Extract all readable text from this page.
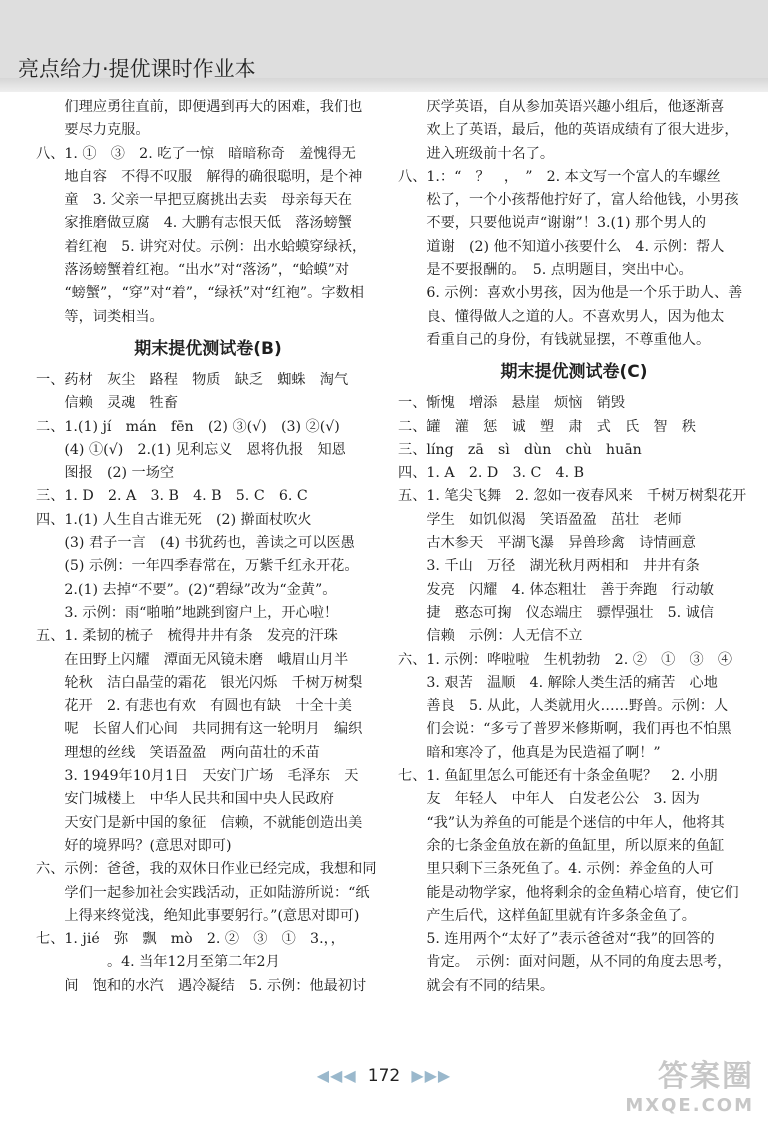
亮点给力·提优课时作业本
　　们理应勇往直前，即便遇到再大的困难，我们也
　　要尽力克服。
八、1. ①　③　2. 吃了一惊　暗暗称奇　羞愧得无
　　地自容　不得不叹服　解得的确很聪明，是个神
　　童　3. 父亲一早把豆腐挑出去卖　母亲每天在
　　家推磨做豆腐　4. 大鹏有志恨天低　落汤螃蟹
　　着红袍　5. 讲究对仗。示例：出水蛤蟆穿绿袄，
　　落汤螃蟹着红袍。“出水”对“落汤”，“蛤蟆”对
　　“螃蟹”，“穿”对“着”，“绿袄”对“红袍”。字数相
　　等，词类相当。
期末提优测试卷(B)
一、药材　灰尘　路程　物质　缺乏　蜘蛛　淘气
　　信赖　灵魂　牲畜
二、1.(1) jí　mán　fēn　(2) ③(√)　(3) ②(√)
　　(4) ①(√)　2.(1) 见利忘义　恩将仇报　知恩
　　图报　(2) 一场空
三、1. D　2. A　3. B　4. B　5. C　6. C
四、1.(1) 人生自古谁无死　(2) 擀面杖吹火
　　(3) 君子一言　(4) 书犹药也，善读之可以医愚
　　(5) 示例：一年四季春常在，万紫千红永开花。
　　2.(1) 去掉“不要”。(2)“碧绿”改为“金黄”。
　　3. 示例：雨“啪啪”地跳到窗户上，开心啦！
五、1. 柔韧的梳子　梳得井井有条　发亮的汗珠
　　在田野上闪耀　潭面无风镜未磨　峨眉山月半
　　轮秋　洁白晶莹的霜花　银光闪烁　千树万树梨
　　花开　2. 有悲也有欢　有圆也有缺　十全十美
　　呢　长留人们心间　共同拥有这一轮明月　编织
　　理想的丝线　笑语盈盈　两向苗壮的禾苗
　　3. 1949年10月1日　天安门广场　毛泽东　天
　　安门城楼上　中华人民共和国中央人民政府
　　天安门是新中国的象征　信赖，不就能创造出美
　　好的境界吗？(意思对即可)
六、示例：爸爸，我的双休日作业已经完成，我想和同
　　学们一起参加社会实践活动，正如陆游所说：“纸
　　上得来终觉浅，绝知此事要躬行。”(意思对即可)
七、1. jié　弥　飘　mò　2. ②　③　①　3.，，
　　　　　。4. 当年12月至第二年2月
　　间　饱和的水汽　遇冷凝结　5. 示例：他最初讨
　　厌学英语，自从参加英语兴趣小组后，他逐渐喜
　　欢上了英语，最后，他的英语成绩有了很大进步，
　　进入班级前十名了。
八、1.：“　？　，　”　2. 本文写一个富人的车螺丝
　　松了，一个小孩帮他拧好了，富人给他钱，小男孩
　　不要，只要他说声“谢谢”！3.(1) 那个男人的
　　道谢　(2) 他不知道小孩要什么　4. 示例：帮人
　　是不要报酬的。　5. 点明题目，突出中心。
　　6. 示例：喜欢小男孩，因为他是一个乐于助人、善
　　良、懂得做人之道的人。不喜欢男人，因为他太
　　看重自己的身份，有钱就显摆，不尊重他人。
期末提优测试卷(C)
一、惭愧　增添　悬崖　烦恼　销毁
二、罐　灌　惩　诚　塑　肃　式　氏　智　秩
三、líng　zā　sì　dùn　chù　huān
四、1. A　2. D　3. C　4. B
五、1. 笔尖飞舞　2. 忽如一夜春风来　千树万树梨花开
　　学生　如饥似渴　笑语盈盈　茁壮　老师
　　古木参天　平湖飞瀑　异兽珍禽　诗情画意
　　3. 千山　万径　湖光秋月两相和　井井有条
　　发亮　闪耀　4. 体态粗壮　善于奔跑　行动敏
　　捷　憨态可掬　仪态端庄　骠悍强壮　5. 诚信
　　信赖　示例：人无信不立
六、1. 示例：哗啦啦　生机勃勃　2. ②　①　③　④
　　3. 艰苦　温顺　4. 解除人类生活的痛苦　心地
　　善良　5. 从此，人类就用火……野兽。示例：人
　　们会说：“多亏了普罗米修斯啊，我们再也不怕黑
　　暗和寒冷了，他真是为民造福了啊！”
七、1. 鱼缸里怎么可能还有十条金鱼呢？　2. 小朋
　　友　年轻人　中年人　白发老公公　3. 因为
　　“我”认为养鱼的可能是个迷信的中年人，他将其
　　余的七条金鱼放在新的鱼缸里，所以原来的鱼缸
　　里只剩下三条死鱼了。4. 示例：养金鱼的人可
　　能是动物学家，他将剩余的金鱼精心培育，使它们
　　产生后代，这样鱼缸里就有许多条金鱼了。
　　5. 连用两个“太好了”表示爸爸对“我”的回答的
　　肯定。　示例：面对问题，从不同的角度去思考，
　　就会有不同的结果。
◀◀◀ 172 ▶▶▶	答案圈
MXQE.COM
